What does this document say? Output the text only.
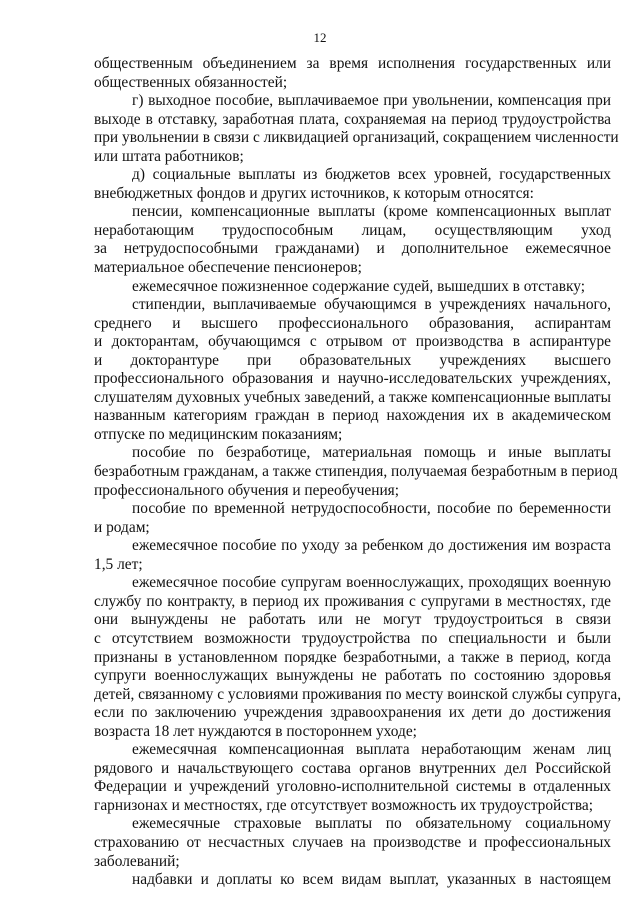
12
общественным объединением за время исполнения государственных или
общественных обязанностей;
г) выходное пособие, выплачиваемое при увольнении, компенсация при
выходе в отставку, заработная плата, сохраняемая на период трудоустройства
при увольнении в связи с ликвидацией организаций, сокращением численности
или штата работников;
д) социальные выплаты из бюджетов всех уровней, государственных
внебюджетных фондов и других источников, к которым относятся:
пенсии, компенсационные выплаты (кроме компенсационных выплат
неработающим трудоспособным лицам, осуществляющим уход
за нетрудоспособными гражданами) и дополнительное ежемесячное
материальное обеспечение пенсионеров;
ежемесячное пожизненное содержание судей, вышедших в отставку;
стипендии, выплачиваемые обучающимся в учреждениях начального,
среднего и высшего профессионального образования, аспирантам
и докторантам, обучающимся с отрывом от производства в аспирантуре
и докторантуре при образовательных учреждениях высшего
профессионального образования и научно-исследовательских учреждениях,
слушателям духовных учебных заведений, а также компенсационные выплаты
названным категориям граждан в период нахождения их в академическом
отпуске по медицинским показаниям;
пособие по безработице, материальная помощь и иные выплаты
безработным гражданам, а также стипендия, получаемая безработным в период
профессионального обучения и переобучения;
пособие по временной нетрудоспособности, пособие по беременности
и родам;
ежемесячное пособие по уходу за ребенком до достижения им возраста
1,5 лет;
ежемесячное пособие супругам военнослужащих, проходящих военную
службу по контракту, в период их проживания с супругами в местностях, где
они вынуждены не работать или не могут трудоустроиться в связи
с отсутствием возможности трудоустройства по специальности и были
признаны в установленном порядке безработными, а также в период, когда
супруги военнослужащих вынуждены не работать по состоянию здоровья
детей, связанному с условиями проживания по месту воинской службы супруга,
если по заключению учреждения здравоохранения их дети до достижения
возраста 18 лет нуждаются в постороннем уходе;
ежемесячная компенсационная выплата неработающим женам лиц
рядового и начальствующего состава органов внутренних дел Российской
Федерации и учреждений уголовно-исполнительной системы в отдаленных
гарнизонах и местностях, где отсутствует возможность их трудоустройства;
ежемесячные страховые выплаты по обязательному социальному
страхованию от несчастных случаев на производстве и профессиональных
заболеваний;
надбавки и доплаты ко всем видам выплат, указанных в настоящем
